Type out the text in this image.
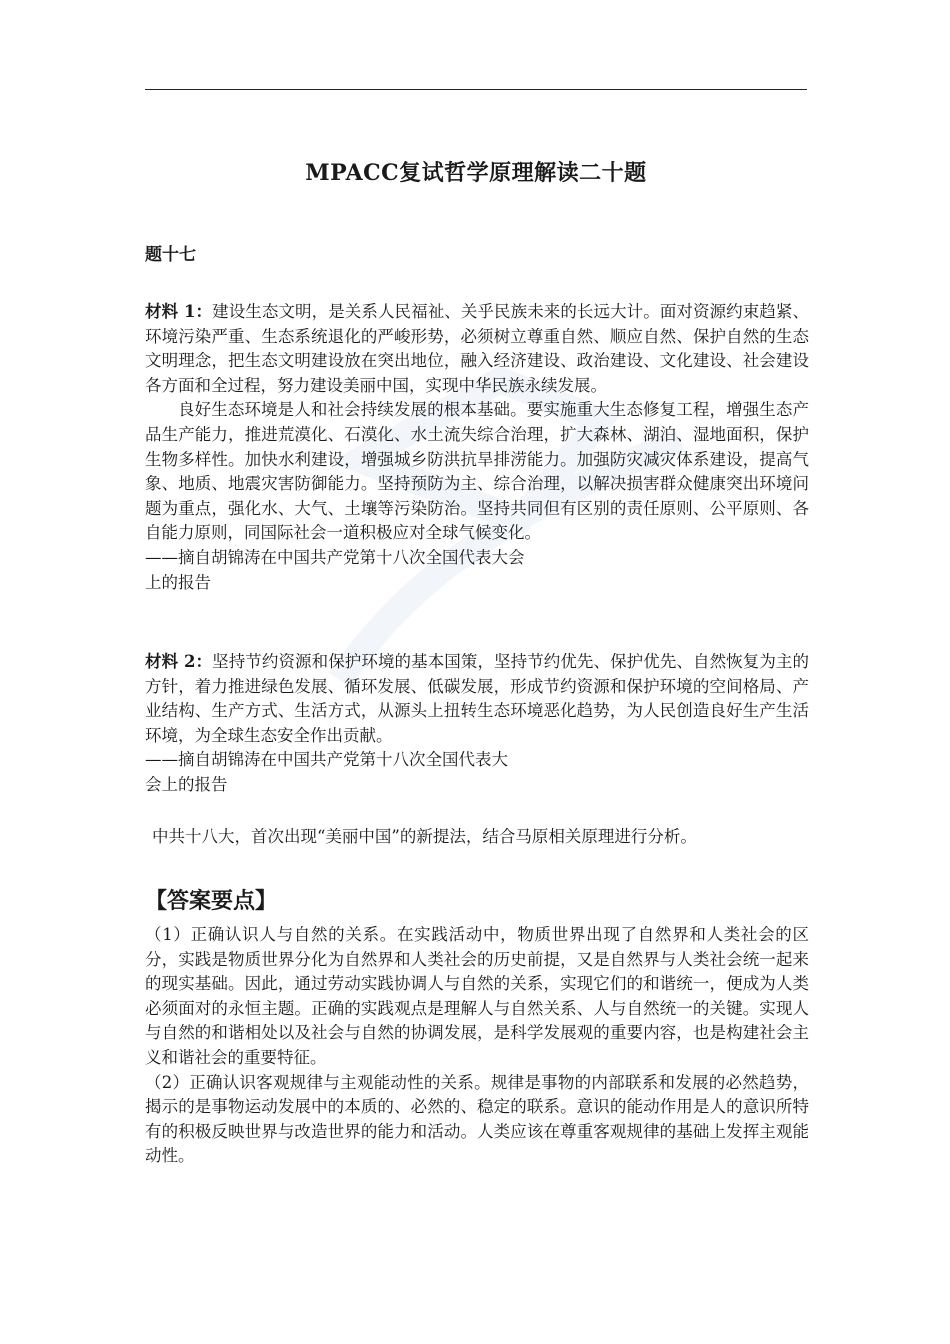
MPACC复试哲学原理解读二十题
题十七

材料 1：建设生态文明，是关系人民福祉、关乎民族未来的长远大计。面对资源约束趋紧、环境污染严重、生态系统退化的严峻形势，必须树立尊重自然、顺应自然、保护自然的生态文明理念，把生态文明建设放在突出地位，融入经济建设、政治建设、文化建设、社会建设各方面和全过程，努力建设美丽中国，实现中华民族永续发展。

良好生态环境是人和社会持续发展的根本基础。要实施重大生态修复工程，增强生态产品生产能力，推进荒漠化、石漠化、水土流失综合治理，扩大森林、湖泊、湿地面积，保护生物多样性。加快水利建设，增强城乡防洪抗旱排涝能力。加强防灾减灾体系建设，提高气象、地质、地震灾害防御能力。坚持预防为主、综合治理，以解决损害群众健康突出环境问题为重点，强化水、大气、土壤等污染防治。坚持共同但有区别的责任原则、公平原则、各自能力原则，同国际社会一道积极应对全球气候变化。

——摘自胡锦涛在中国共产党第十八次全国代表大会

上的报告

材料 2：坚持节约资源和保护环境的基本国策，坚持节约优先、保护优先、自然恢复为主的方针，着力推进绿色发展、循环发展、低碳发展，形成节约资源和保护环境的空间格局、产业结构、生产方式、生活方式，从源头上扭转生态环境恶化趋势，为人民创造良好生产生活环境，为全球生态安全作出贡献。

——摘自胡锦涛在中国共产党第十八次全国代表大

会上的报告

中共十八大，首次出现“美丽中国”的新提法，结合马原相关原理进行分析。
【答案要点】

（1）正确认识人与自然的关系。在实践活动中，物质世界出现了自然界和人类社会的区 分，实践是物质世界分化为自然界和人类社会的历史前提，又是自然界与人类社会统一起来 的现实基础。因此，通过劳动实践协调人与自然的关系，实现它们的和谐统一，便成为人类必须面对的永恒主题。正确的实践观点是理解人与自然关系、人与自然统一的关键。实现人与自然的和谐相处以及社会与自然的协调发展，是科学发展观的重要内容，也是构建社会主义和谐社会的重要特征。

（2）正确认识客观规律与主观能动性的关系。规律是事物的内部联系和发展的必然趋势， 揭示的是事物运动发展中的本质的、必然的、稳定的联系。意识的能动作用是人的意识所特有的积极反映世界与改造世界的能力和活动。人类应该在尊重客观规律的基础上发挥主观能动性。
